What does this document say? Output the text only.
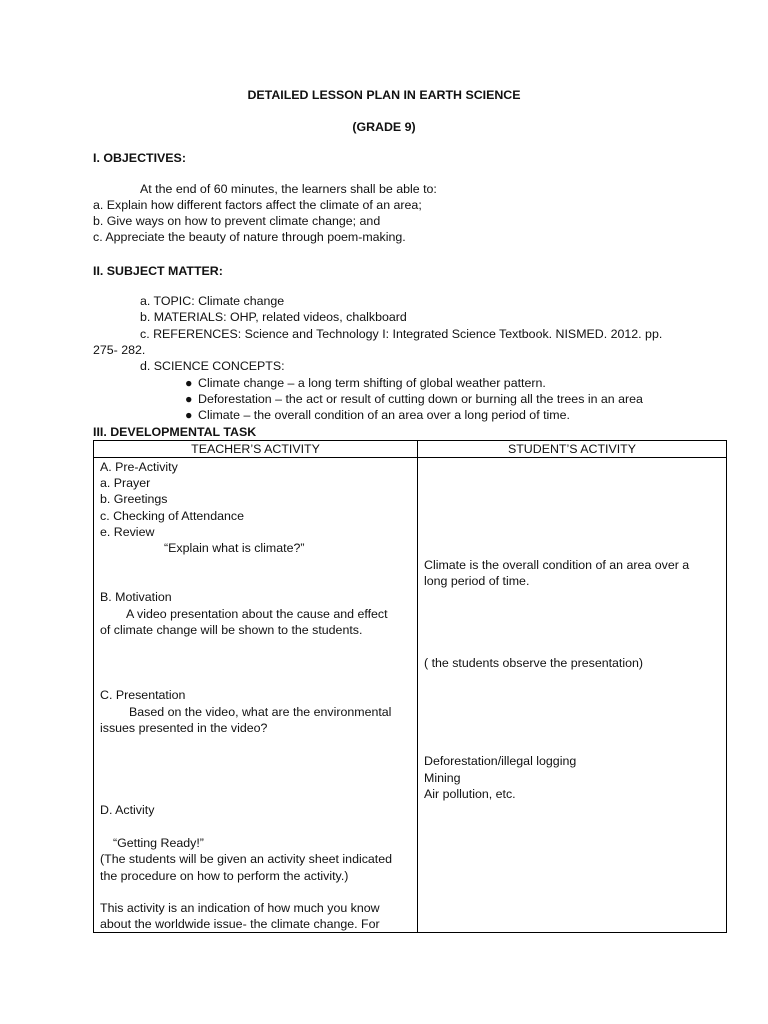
DETAILED LESSON PLAN IN EARTH SCIENCE
(GRADE 9)
I. OBJECTIVES:
At the end of 60 minutes, the learners shall be able to:
a. Explain how different factors affect the climate of an area;
b. Give ways on how to prevent climate change; and
c. Appreciate the beauty of nature through poem-making.
II. SUBJECT MATTER:
a. TOPIC: Climate change
b. MATERIALS: OHP, related videos, chalkboard
c. REFERENCES: Science and Technology I: Integrated Science Textbook. NISMED. 2012. pp.
275- 282.
d. SCIENCE CONCEPTS:
● Climate change – a long term shifting of global weather pattern.
● Deforestation – the act or result of cutting down or burning all the trees in an area
● Climate – the overall condition of an area over a long period of time.
III. DEVELOPMENTAL TASK
TEACHER’S ACTIVITY	STUDENT’S ACTIVITY
A. Pre-Activity
a. Prayer
b. Greetings
c. Checking of Attendance
e. Review
“Explain what is climate?”
B. Motivation
A video presentation about the cause and effect
of climate change will be shown to the students.
C. Presentation
Based on the video, what are the environmental
issues presented in the video?
D. Activity
“Getting Ready!”
(The students will be given an activity sheet indicated
the procedure on how to perform the activity.)
This activity is an indication of how much you know
about the worldwide issue- the climate change. For
Climate is the overall condition of an area over a
long period of time.
( the students observe the presentation)
Deforestation/illegal logging
Mining
Air pollution, etc.
